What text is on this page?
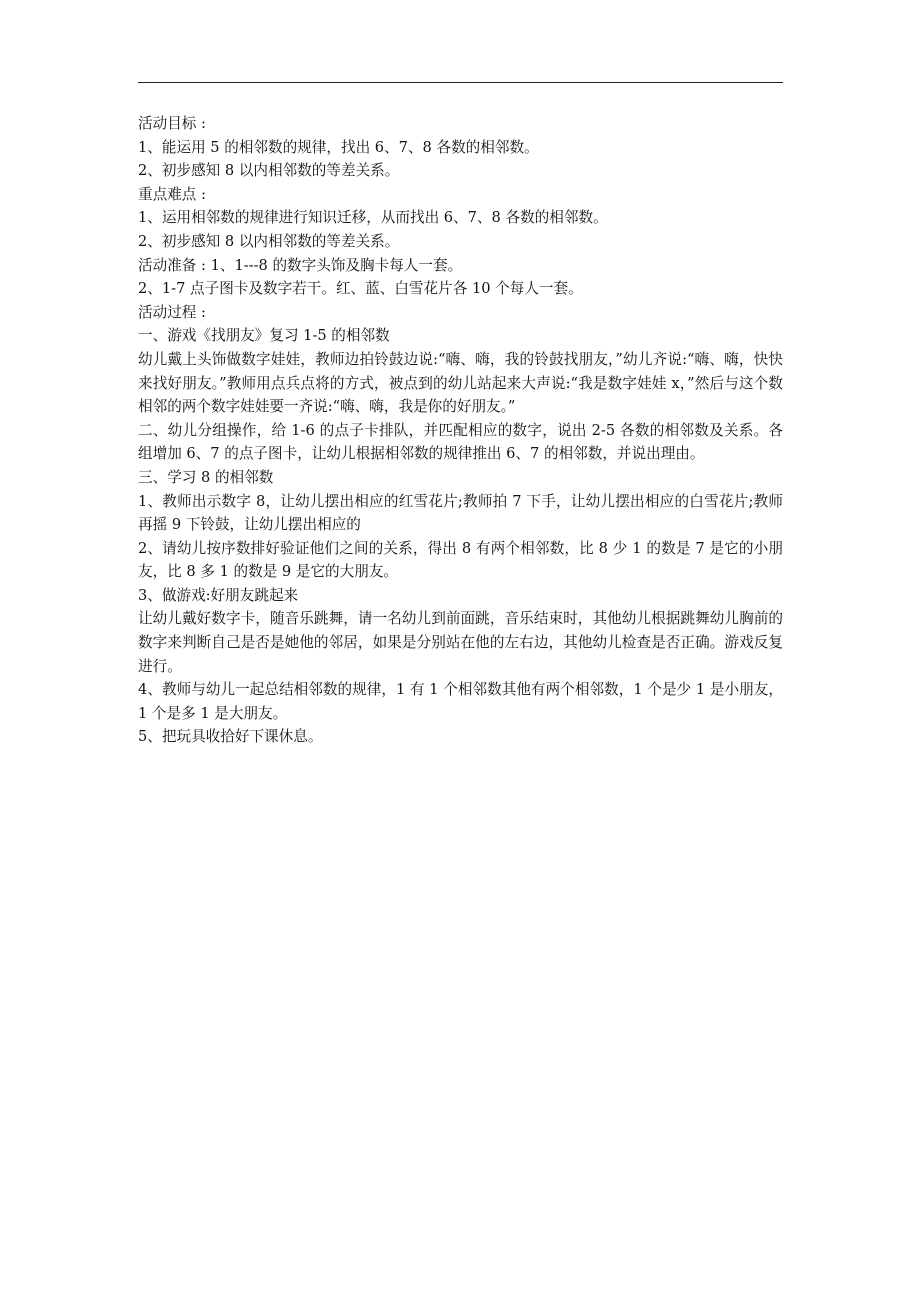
活动目标 :

1、能运用 5 的相邻数的规律，找出 6、7、8 各数的相邻数。

2、初步感知 8 以内相邻数的等差关系。

重点难点 :

1、运用相邻数的规律进行知识迁移，从而找出 6、7、8 各数的相邻数。

2、初步感知 8 以内相邻数的等差关系。

活动准备 : 1、1---8 的数字头饰及胸卡每人一套。

2、1-7 点子图卡及数字若干。红、蓝、白雪花片各 10 个每人一套。

活动过程 :

一、游戏《找朋友》复习 1-5 的相邻数

幼儿戴上头饰做数字娃娃，教师边拍铃鼓边说:“嗨、嗨，我的铃鼓找朋友，”幼儿齐说:“嗨、嗨，快快来找好朋友。”教师用点兵点将的方式，被点到的幼儿站起来大声说:“我是数字娃娃 x，”然后与这个数相邻的两个数字娃娃要一齐说:“嗨、嗨，我是你的好朋友。”

二、幼儿分组操作，给 1-6 的点子卡排队，并匹配相应的数字，说出 2-5 各数的相邻数及关系。各组增加 6、7 的点子图卡，让幼儿根据相邻数的规律推出 6、7 的相邻数，并说出理由。

三、学习 8 的相邻数

1、教师出示数字 8，让幼儿摆出相应的红雪花片;教师拍 7 下手，让幼儿摆出相应的白雪花片;教师再摇 9 下铃鼓，让幼儿摆出相应的

2、请幼儿按序数排好验证他们之间的关系，得出 8 有两个相邻数，比 8 少 1 的数是 7 是它的小朋友，比 8 多 1 的数是 9 是它的大朋友。

3、做游戏:好朋友跳起来

让幼儿戴好数字卡，随音乐跳舞，请一名幼儿到前面跳，音乐结束时，其他幼儿根据跳舞幼儿胸前的数字来判断自己是否是她他的邻居，如果是分别站在他的左右边，其他幼儿检查是否正确。游戏反复进行。

4、教师与幼儿一起总结相邻数的规律，1 有 1 个相邻数其他有两个相邻数，1 个是少 1 是小朋友，1 个是多 1 是大朋友。

5、把玩具收拾好下课休息。
